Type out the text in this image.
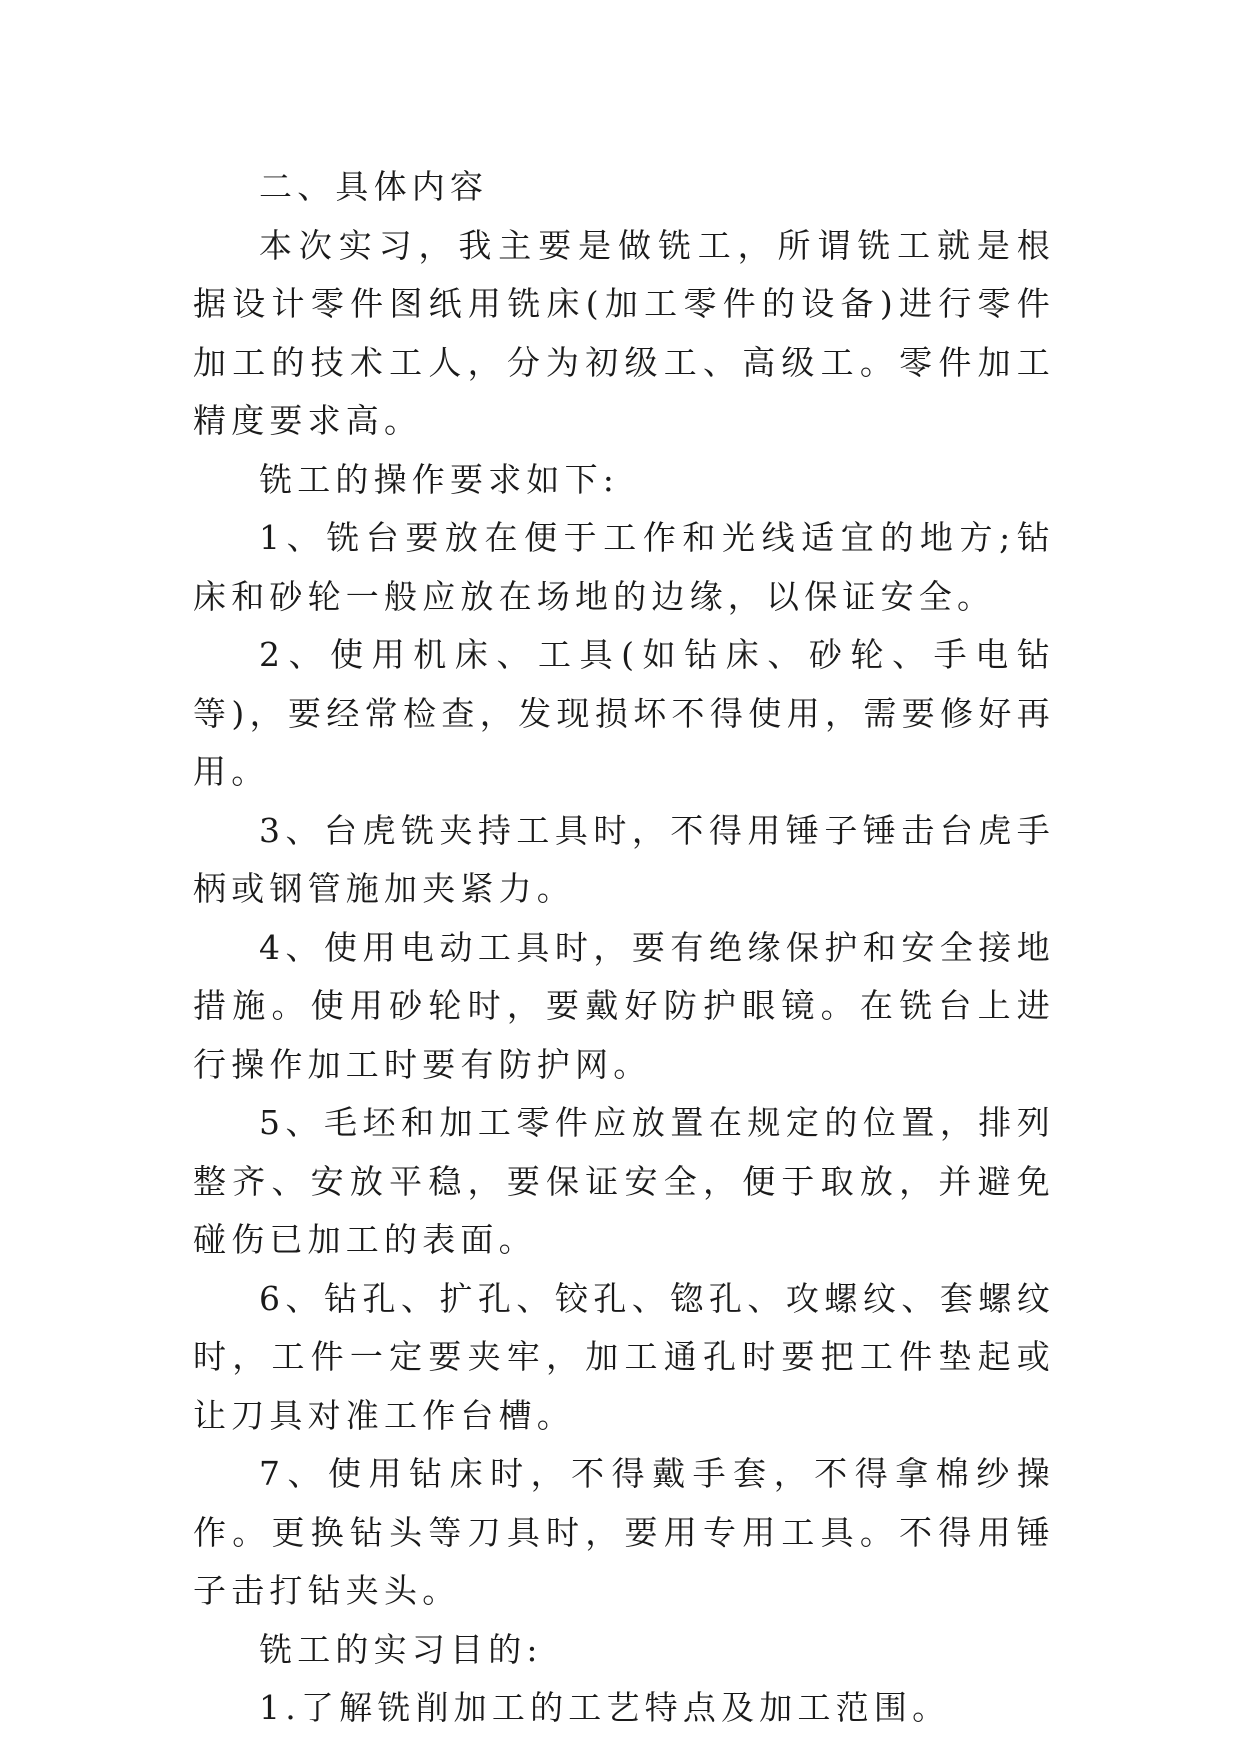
二、具体内容

本次实习，我主要是做铣工，所谓铣工就是根据设计零件图纸用铣床(加工零件的设备)进行零件加工的技术工人，分为初级工、高级工。零件加工精度要求高。

铣工的操作要求如下:

1、铣台要放在便于工作和光线适宜的地方;钻床和砂轮一般应放在场地的边缘，以保证安全。

2、使用机床、工具(如钻床、砂轮、手电钻等)，要经常检查，发现损坏不得使用，需要修好再用。

3、台虎铣夹持工具时，不得用锤子锤击台虎手柄或钢管施加夹紧力。

4、使用电动工具时，要有绝缘保护和安全接地措施。使用砂轮时，要戴好防护眼镜。在铣台上进行操作加工时要有防护网。

5、毛坯和加工零件应放置在规定的位置，排列整齐、安放平稳，要保证安全，便于取放，并避免碰伤已加工的表面。

6、钻孔、扩孔、铰孔、锪孔、攻螺纹、套螺纹时，工件一定要夹牢，加工通孔时要把工件垫起或让刀具对准工作台槽。

7、使用钻床时，不得戴手套，不得拿棉纱操作。更换钻头等刀具时，要用专用工具。不得用锤子击打钻夹头。

铣工的实习目的:

1.了解铣削加工的工艺特点及加工范围。
